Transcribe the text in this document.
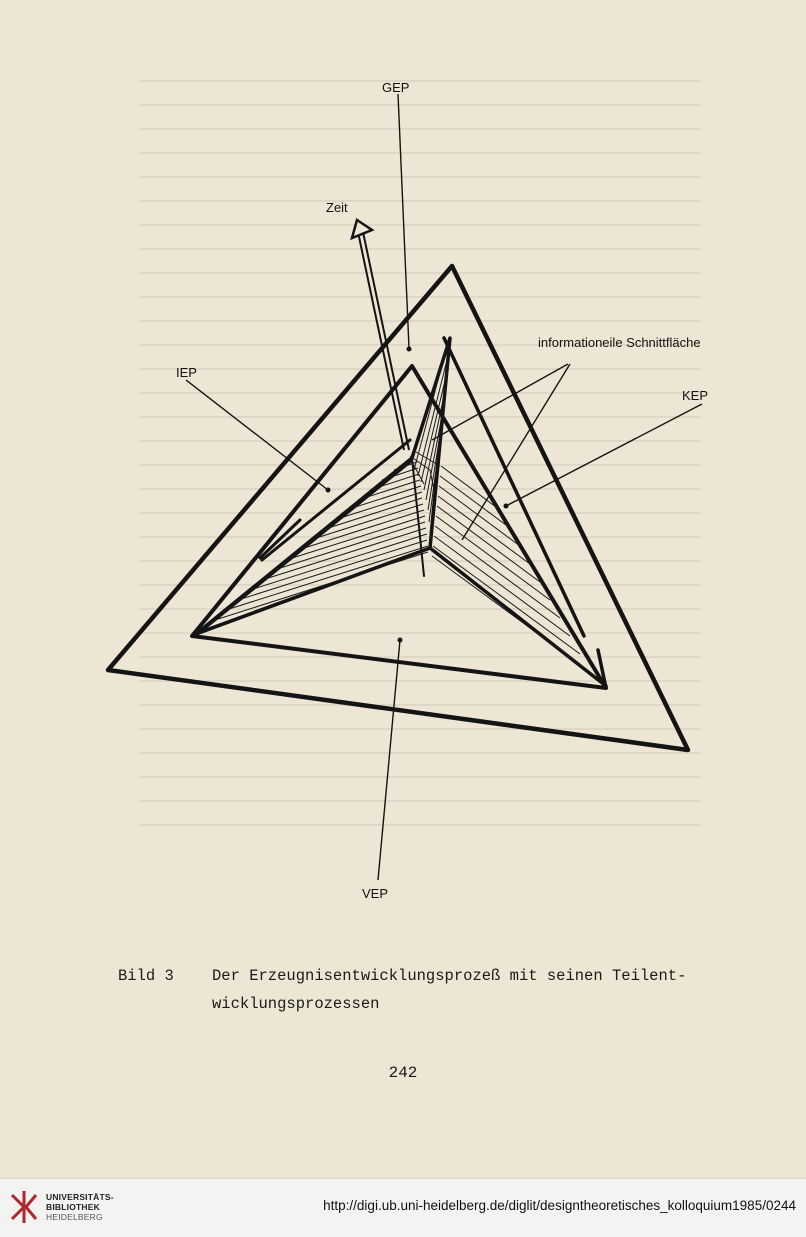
GEP
Zeit
IEP
informationeile Schnittfläche
KEP
VEP
Bild 3 Der Erzeugnisentwicklungsprozeß mit seinen Teilent-
wicklungsprozessen
242
UNIVERSITÄTS-
BIBLIOTHEK
HEIDELBERG
http://digi.ub.uni-heidelberg.de/diglit/designtheoretisches_kolloquium1985/0244
